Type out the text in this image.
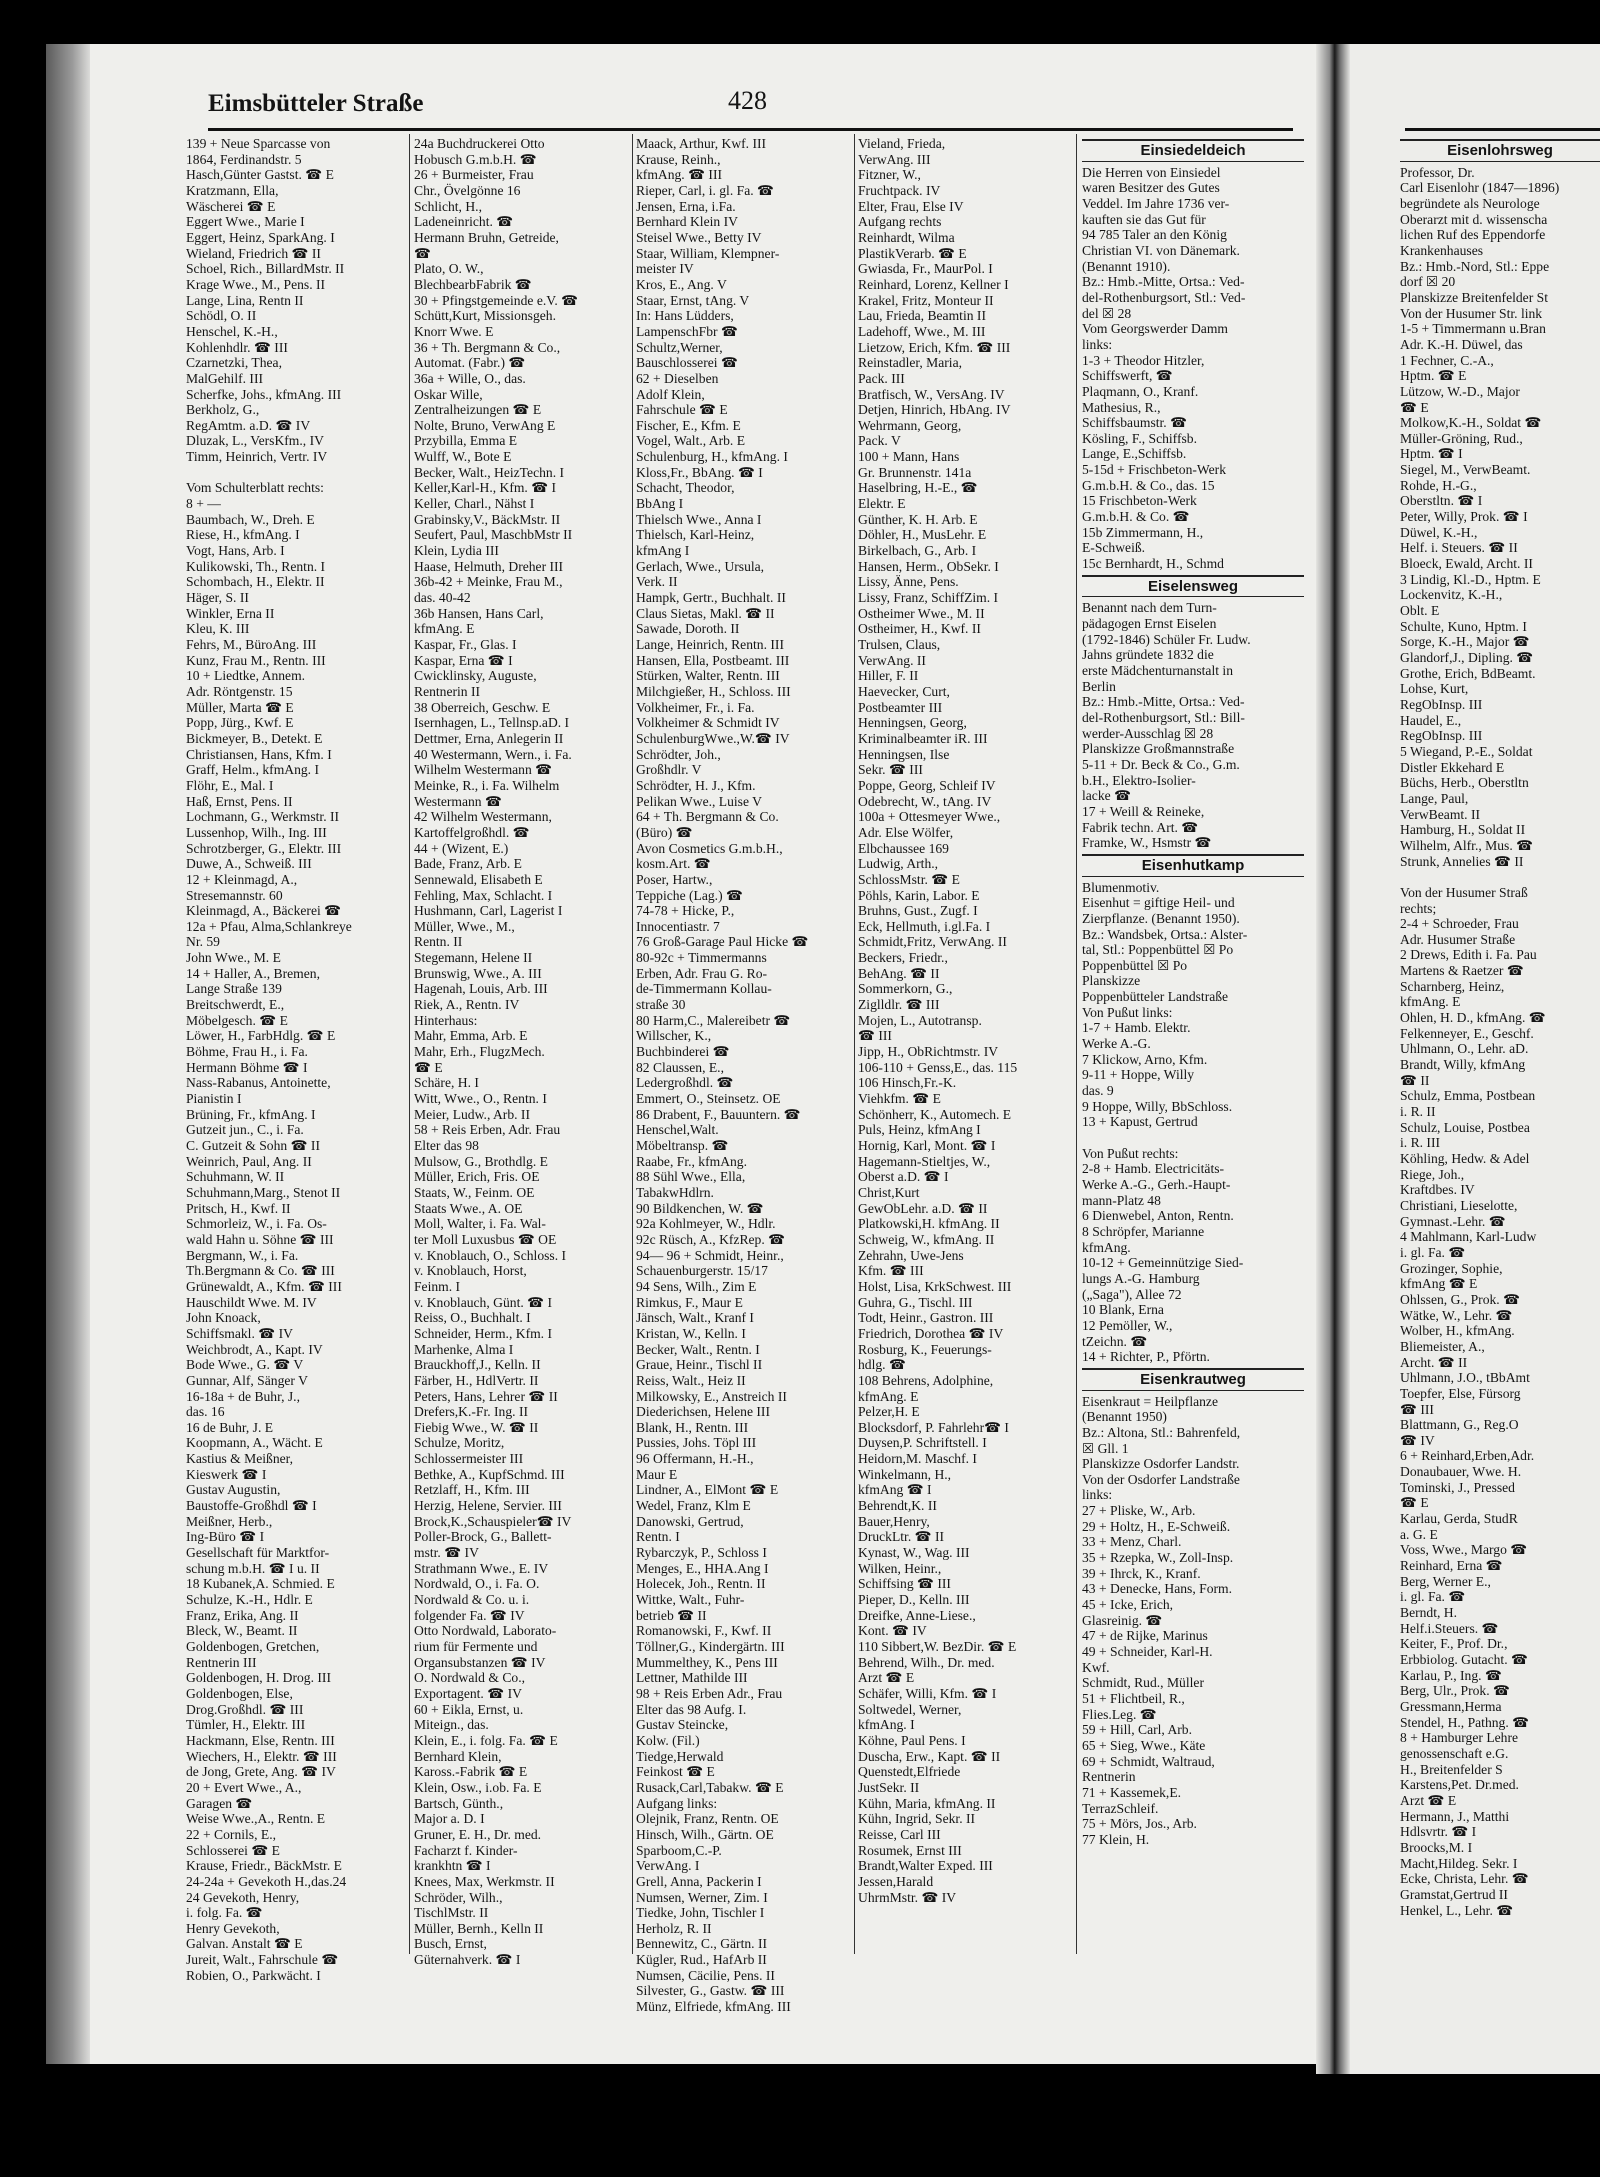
Eimsbütteler Straße	428
139 + Neue Sparcasse von
1864, Ferdinandstr. 5
Hasch,Günter Gastst. ☎ E
Kratzmann, Ella,
Wäscherei ☎ E
Eggert Wwe., Marie I
Eggert, Heinz, SparkAng. I
Wieland, Friedrich ☎ II
Schoel, Rich., BillardMstr. II
Krage Wwe., M., Pens. II
Lange, Lina, Rentn II
Schödl, O. II
Henschel, K.-H.,
Kohlenhdlr. ☎ III
Czarnetzki, Thea,
MalGehilf. III
Scherfke, Johs., kfmAng. III
Berkholz, G.,
RegAmtm. a.D. ☎ IV
Dluzak, L., VersKfm., IV
Timm, Heinrich, Vertr. IV

Vom Schulterblatt rechts:
8 + —
Baumbach, W., Dreh. E
Riese, H., kfmAng. I
Vogt, Hans, Arb. I
Kulikowski, Th., Rentn. I
Schombach, H., Elektr. II
Häger, S. II
Winkler, Erna II
Kleu, K. III
Fehrs, M., BüroAng. III
Kunz, Frau M., Rentn. III
10 + Liedtke, Annem.
Adr. Röntgenstr. 15
Müller, Marta ☎ E
Popp, Jürg., Kwf. E
Bickmeyer, B., Detekt. E
Christiansen, Hans, Kfm. I
Graff, Helm., kfmAng. I
Flöhr, E., Mal. I
Haß, Ernst, Pens. II
Lochmann, G., Werkmstr. II
Lussenhop, Wilh., Ing. III
Schrotzberger, G., Elektr. III
Duwe, A., Schweiß. III
12 + Kleinmagd, A.,
Stresemannstr. 60
Kleinmagd, A., Bäckerei ☎
12a + Pfau, Alma,Schlankreye
Nr. 59
John Wwe., M. E
14 + Haller, A., Bremen,
Lange Straße 139
Breitschwerdt, E.,
Möbelgesch. ☎ E
Löwer, H., FarbHdlg. ☎ E
Böhme, Frau H., i. Fa.
Hermann Böhme ☎ I
Nass-Rabanus, Antoinette,
Pianistin I
Brüning, Fr., kfmAng. I
Gutzeit jun., C., i. Fa.
C. Gutzeit & Sohn ☎ II
Weinrich, Paul, Ang. II
Schuhmann, W. II
Schuhmann,Marg., Stenot II
Pritsch, H., Kwf. II
Schmorleiz, W., i. Fa. Os-
wald Hahn u. Söhne ☎ III
Bergmann, W., i. Fa.
Th.Bergmann & Co. ☎ III
Grünewaldt, A., Kfm. ☎ III
Hauschildt Wwe. M. IV
John Knoack,
Schiffsmakl. ☎ IV
Weichbrodt, A., Kapt. IV
Bode Wwe., G. ☎ V
Gunnar, Alf, Sänger V
16-18a + de Buhr, J.,
das. 16
16 de Buhr, J. E
Koopmann, A., Wächt. E
Kastius & Meißner,
Kieswerk ☎ I
Gustav Augustin,
Baustoffe-Großhdl ☎ I
Meißner, Herb.,
Ing-Büro ☎ I
Gesellschaft für Marktfor-
schung m.b.H. ☎ I u. II
18 Kubanek,A. Schmied. E
Schulze, K.-H., Hdlr. E
Franz, Erika, Ang. II
Bleck, W., Beamt. II
Goldenbogen, Gretchen,
Rentnerin III
Goldenbogen, H. Drog. III
Goldenbogen, Else,
Drog.Großhdl. ☎ III
Tümler, H., Elektr. III
Hackmann, Else, Rentn. III
Wiechers, H., Elektr. ☎ III
de Jong, Grete, Ang. ☎ IV
20 + Evert Wwe., A.,
Garagen ☎
Weise Wwe.,A., Rentn. E
22 + Cornils, E.,
Schlosserei ☎ E
Krause, Friedr., BäckMstr. E
24-24a + Gevekoth H.,das.24
24 Gevekoth, Henry,
i. folg. Fa. ☎
Henry Gevekoth,
Galvan. Anstalt ☎ E
Jureit, Walt., Fahrschule ☎
Robien, O., Parkwächt. I
24a Buchdruckerei Otto
Hobusch G.m.b.H. ☎
26 + Burmeister, Frau
Chr., Övelgönne 16
Schlicht, H.,
Ladeneinricht. ☎
Hermann Bruhn, Getreide,
☎
Plato, O. W.,
BlechbearbFabrik ☎
30 + Pfingstgemeinde e.V. ☎
Schütt,Kurt, Missionsgeh.
Knorr Wwe. E
36 + Th. Bergmann & Co.,
Automat. (Fabr.) ☎
36a + Wille, O., das.
Oskar Wille,
Zentralheizungen ☎ E
Nolte, Bruno, VerwAng E
Przybilla, Emma E
Wulff, W., Bote E
Becker, Walt., HeizTechn. I
Keller,Karl-H., Kfm. ☎ I
Keller, Charl., Nähst I
Grabinsky,V., BäckMstr. II
Seufert, Paul, MaschbMstr II
Klein, Lydia III
Haase, Helmuth, Dreher III
36b-42 + Meinke, Frau M.,
das. 40-42
36b Hansen, Hans Carl,
kfmAng. E
Kaspar, Fr., Glas. I
Kaspar, Erna ☎ I
Cwicklinsky, Auguste,
Rentnerin II
38 Oberreich, Geschw. E
Isernhagen, L., Tellnsp.aD. I
Dettmer, Erna, Anlegerin II
40 Westermann, Wern., i. Fa.
Wilhelm Westermann ☎
Meinke, R., i. Fa. Wilhelm
Westermann ☎
42 Wilhelm Westermann,
Kartoffelgroßhdl. ☎
44 + (Wizent, E.)
Bade, Franz, Arb. E
Sennewald, Elisabeth E
Fehling, Max, Schlacht. I
Hushmann, Carl, Lagerist I
Müller, Wwe., M.,
Rentn. II
Stegemann, Helene II
Brunswig, Wwe., A. III
Hagenah, Louis, Arb. III
Riek, A., Rentn. IV
Hinterhaus:
Mahr, Emma, Arb. E
Mahr, Erh., FlugzMech.
☎ E
Schäre, H. I
Witt, Wwe., O., Rentn. I
Meier, Ludw., Arb. II
58 + Reis Erben, Adr. Frau
Elter das 98
Mulsow, G., Brothdlg. E
Müller, Erich, Fris. OE
Staats, W., Feinm. OE
Staats Wwe., A. OE
Moll, Walter, i. Fa. Wal-
ter Moll Luxusbus ☎ OE
v. Knoblauch, O., Schloss. I
v. Knoblauch, Horst,
Feinm. I
v. Knoblauch, Günt. ☎ I
Reiss, O., Buchhalt. I
Schneider, Herm., Kfm. I
Marhenke, Alma I
Brauckhoff,J., Kelln. II
Färber, H., HdlVertr. II
Peters, Hans, Lehrer ☎ II
Drefers,K.-Fr. Ing. II
Fiebig Wwe., W. ☎ II
Schulze, Moritz,
Schlossermeister III
Bethke, A., KupfSchmd. III
Retzlaff, H., Kfm. III
Herzig, Helene, Servier. III
Brock,K.,Schauspieler☎ IV
Poller-Brock, G., Ballett-
mstr. ☎ IV
Strathmann Wwe., E. IV
Nordwald, O., i. Fa. O.
Nordwald & Co. u. i.
folgender Fa. ☎ IV
Otto Nordwald, Laborato-
rium für Fermente und
Organsubstanzen ☎ IV
O. Nordwald & Co.,
Exportagent. ☎ IV
60 + Eikla, Ernst, u.
Miteign., das.
Klein, E., i. folg. Fa. ☎ E
Bernhard Klein,
Kaross.-Fabrik ☎ E
Klein, Osw., i.ob. Fa. E
Bartsch, Günth.,
Major a. D. I
Gruner, E. H., Dr. med.
Facharzt f. Kinder-
krankhtn ☎ I
Knees, Max, Werkmstr. II
Schröder, Wilh.,
TischlMstr. II
Müller, Bernh., Kelln II
Busch, Ernst,
Güternahverk. ☎ I
Maack, Arthur, Kwf. III
Krause, Reinh.,
kfmAng. ☎ III
Rieper, Carl, i. gl. Fa. ☎
Jensen, Erna, i.Fa.
Bernhard Klein IV
Steisel Wwe., Betty IV
Staar, William, Klempner-
meister IV
Kros, E., Ang. V
Staar, Ernst, tAng. V
In: Hans Lüdders,
LampenschFbr ☎
Schultz,Werner,
Bauschlosserei ☎
62 + Dieselben
Adolf Klein,
Fahrschule ☎ E
Fischer, E., Kfm. E
Vogel, Walt., Arb. E
Schulenburg, H., kfmAng. I
Kloss,Fr., BbAng. ☎ I
Schacht, Theodor,
BbAng I
Thielsch Wwe., Anna I
Thielsch, Karl-Heinz,
kfmAng I
Gerlach, Wwe., Ursula,
Verk. II
Hampk, Gertr., Buchhalt. II
Claus Sietas, Makl. ☎ II
Sawade, Doroth. II
Lange, Heinrich, Rentn. III
Hansen, Ella, Postbeamt. III
Stürken, Walter, Rentn. III
Milchgießer, H., Schloss. III
Volkheimer, Fr., i. Fa.
Volkheimer & Schmidt IV
SchulenburgWwe.,W.☎ IV
Schrödter, Joh.,
Großhdlr. V
Schrödter, H. J., Kfm.
Pelikan Wwe., Luise V
64 + Th. Bergmann & Co.
(Büro) ☎
Avon Cosmetics G.m.b.H.,
kosm.Art. ☎
Poser, Hartw.,
Teppiche (Lag.) ☎
74-78 + Hicke, P.,
Innocentiastr. 7
76 Groß-Garage Paul Hicke ☎
80-92c + Timmermanns
Erben, Adr. Frau G. Ro-
de-Timmermann Kollau-
straße 30
80 Harm,C., Malereibetr ☎
Willscher, K.,
Buchbinderei ☎
82 Claussen, E.,
Ledergroßhdl. ☎
Emmert, O., Steinsetz. OE
86 Drabent, F., Bauuntern. ☎
Henschel,Walt.
Möbeltransp. ☎
Raabe, Fr., kfmAng.
88 Sühl Wwe., Ella,
TabakwHdlrn.
90 Bildkenchen, W. ☎
92a Kohlmeyer, W., Hdlr.
92c Rüsch, A., KfzRep. ☎
94— 96 + Schmidt, Heinr.,
Schauenburgerstr. 15/17
94 Sens, Wilh., Zim E
Rimkus, F., Maur E
Jänsch, Walt., Kranf I
Kristan, W., Kelln. I
Becker, Walt., Rentn. I
Graue, Heinr., Tischl II
Reiss, Walt., Heiz II
Milkowsky, E., Anstreich II
Diederichsen, Helene III
Blank, H., Rentn. III
Pussies, Johs. Töpl III
96 Offermann, H.-H.,
Maur E
Lindner, A., ElMont ☎ E
Wedel, Franz, Klm E
Danowski, Gertrud,
Rentn. I
Rybarczyk, P., Schloss I
Menges, E., HHA.Ang I
Holecek, Joh., Rentn. II
Wittke, Walt., Fuhr-
betrieb ☎ II
Romanowski, F., Kwf. II
Töllner,G., Kindergärtn. III
Mummelthey, K., Pens III
Lettner, Mathilde III
98 + Reis Erben Adr., Frau
Elter das 98 Aufg. I.
Gustav Steincke,
Kolw. (Fil.)
Tiedge,Herwald
Feinkost ☎ E
Rusack,Carl,Tabakw. ☎ E
Aufgang links:
Olejnik, Franz, Rentn. OE
Hinsch, Wilh., Gärtn. OE
Sparboom,C.-P.
VerwAng. I
Grell, Anna, Packerin I
Numsen, Werner, Zim. I
Tiedke, John, Tischler I
Herholz, R. II
Bennewitz, C., Gärtn. II
Kügler, Rud., HafArb II
Numsen, Cäcilie, Pens. II
Silvester, G., Gastw. ☎ III
Münz, Elfriede, kfmAng. III
Vieland, Frieda,
VerwAng. III
Fitzner, W.,
Fruchtpack. IV
Elter, Frau, Else IV
Aufgang rechts
Reinhardt, Wilma
PlastikVerarb. ☎ E
Gwiasda, Fr., MaurPol. I
Reinhard, Lorenz, Kellner I
Krakel, Fritz, Monteur II
Lau, Frieda, Beamtin II
Ladehoff, Wwe., M. III
Lietzow, Erich, Kfm. ☎ III
Reinstadler, Maria,
Pack. III
Bratfisch, W., VersAng. IV
Detjen, Hinrich, HbAng. IV
Wehrmann, Georg,
Pack. V
100 + Mann, Hans
Gr. Brunnenstr. 141a
Haselbring, H.-E., ☎
Elektr. E
Günther, K. H. Arb. E
Döhler, H., MusLehr. E
Birkelbach, G., Arb. I
Hansen, Herm., ObSekr. I
Lissy, Änne, Pens.
Lissy, Franz, SchiffZim. I
Ostheimer Wwe., M. II
Ostheimer, H., Kwf. II
Trulsen, Claus,
VerwAng. II
Hiller, F. II
Haevecker, Curt,
Postbeamter III
Henningsen, Georg,
Kriminalbeamter iR. III
Henningsen, Ilse
Sekr. ☎ III
Poppe, Georg, Schleif IV
Odebrecht, W., tAng. IV
100a + Ottesmeyer Wwe.,
Adr. Else Wölfer,
Elbchaussee 169
Ludwig, Arth.,
SchlossMstr. ☎ E
Pöhls, Karin, Labor. E
Bruhns, Gust., Zugf. I
Eck, Hellmuth, i.gl.Fa. I
Schmidt,Fritz, VerwAng. II
Beckers, Friedr.,
BehAng. ☎ II
Sommerkorn, G.,
Ziglldlr. ☎ III
Mojen, L., Autotransp.
☎ III
Jipp, H., ObRichtmstr. IV
106-110 + Genss,E., das. 115
106 Hinsch,Fr.-K.
Viehkfm. ☎ E
Schönherr, K., Automech. E
Puls, Heinz, kfmAng I
Hornig, Karl, Mont. ☎ I
Hagemann-Stieltjes, W.,
Oberst a.D. ☎ I
Christ,Kurt
GewObLehr. a.D. ☎ II
Platkowski,H. kfmAng. II
Schweig, W., kfmAng. II
Zehrahn, Uwe-Jens
Kfm. ☎ III
Holst, Lisa, KrkSchwest. III
Guhra, G., Tischl. III
Todt, Heinr., Gastron. III
Friedrich, Dorothea ☎ IV
Rosburg, K., Feuerungs-
hdlg. ☎
108 Behrens, Adolphine,
kfmAng. E
Pelzer,H. E
Blocksdorf, P. Fahrlehr☎ I
Duysen,P. Schriftstell. I
Heidorn,M. Maschf. I
Winkelmann, H.,
kfmAng ☎ I
Behrendt,K. II
Bauer,Henry,
DruckLtr. ☎ II
Kynast, W., Wag. III
Wilken, Heinr.,
Schiffsing ☎ III
Pieper, D., Kelln. III
Dreifke, Anne-Liese.,
Kont. ☎ IV
110 Sibbert,W. BezDir. ☎ E
Behrend, Wilh., Dr. med.
Arzt ☎ E
Schäfer, Willi, Kfm. ☎ I
Soltwedel, Werner,
kfmAng. I
Köhne, Paul Pens. I
Duscha, Erw., Kapt. ☎ II
Quenstedt,Elfriede
JustSekr. II
Kühn, Maria, kfmAng. II
Kühn, Ingrid, Sekr. II
Reisse, Carl III
Rosumek, Ernst III
Brandt,Walter Exped. III
Jessen,Harald
UhrmMstr. ☎ IV
Einsiedeldeich
Die Herren von Einsiedel
waren Besitzer des Gutes
Veddel. Im Jahre 1736 ver-
kauften sie das Gut für
94 785 Taler an den König
Christian VI. von Dänemark.
(Benannt 1910).
Bz.: Hmb.-Mitte, Ortsa.: Ved-
del-Rothenburgsort, Stl.: Ved-
del ☒ 28
Vom Georgswerder Damm
links:
1-3 + Theodor Hitzler,
Schiffswerft, ☎
Plaqmann, O., Kranf.
Mathesius, R.,
Schiffsbaumstr. ☎
Kösling, F., Schiffsb.
Lange, E.,Schiffsb.
5-15d + Frischbeton-Werk
G.m.b.H. & Co., das. 15
15 Frischbeton-Werk
G.m.b.H. & Co. ☎
15b Zimmermann, H.,
E-Schweiß.
15c Bernhardt, H., Schmd
Eiselensweg
Benannt nach dem Turn-
pädagogen Ernst Eiselen
(1792-1846) Schüler Fr. Ludw.
Jahns gründete 1832 die
erste Mädchenturnanstalt in
Berlin
Bz.: Hmb.-Mitte, Ortsa.: Ved-
del-Rothenburgsort, Stl.: Bill-
werder-Ausschlag ☒ 28
Planskizze Großmannstraße
5-11 + Dr. Beck & Co., G.m.
b.H., Elektro-Isolier-
lacke ☎
17 + Weill & Reineke,
Fabrik techn. Art. ☎
Framke, W., Hsmstr ☎
Eisenhutkamp
Blumenmotiv.
Eisenhut = giftige Heil- und
Zierpflanze. (Benannt 1950).
Bz.: Wandsbek, Ortsa.: Alster-
tal, Stl.: Poppenbüttel ☒ Po
Poppenbüttel ☒ Po
Planskizze
Poppenbütteler Landstraße
Von Pußut links:
1-7 + Hamb. Elektr.
Werke A.-G.
7 Klickow, Arno, Kfm.
9-11 + Hoppe, Willy
das. 9
9 Hoppe, Willy, BbSchloss.
13 + Kapust, Gertrud

Von Pußut rechts:
2-8 + Hamb. Electricitäts-
Werke A.-G., Gerh.-Haupt-
mann-Platz 48
6 Dienwebel, Anton, Rentn.
8 Schröpfer, Marianne
kfmAng.
10-12 + Gemeinnützige Sied-
lungs A.-G. Hamburg
(„Saga"), Allee 72
10 Blank, Erna
12 Pemöller, W.,
tZeichn. ☎
14 + Richter, P., Pförtn.
Eisenkrautweg
Eisenkraut = Heilpflanze
(Benannt 1950)
Bz.: Altona, Stl.: Bahrenfeld,
☒ Gll. 1
Planskizze Osdorfer Landstr.
Von der Osdorfer Landstraße
links:
27 + Pliske, W., Arb.
29 + Holtz, H., E-Schweiß.
33 + Menz, Charl.
35 + Rzepka, W., Zoll-Insp.
39 + Ihrck, K., Kranf.
43 + Denecke, Hans, Form.
45 + Icke, Erich,
Glasreinig. ☎
47 + de Rijke, Marinus
49 + Schneider, Karl-H.
Kwf.
Schmidt, Rud., Müller
51 + Flichtbeil, R.,
Flies.Leg. ☎
59 + Hill, Carl, Arb.
65 + Sieg, Wwe., Käte
69 + Schmidt, Waltraud,
Rentnerin
71 + Kassemek,E.
TerrazSchleif.
75 + Mörs, Jos., Arb.
77 Klein, H.
Eisenlohrsweg
Professor, Dr.
Carl Eisenlohr (1847—1896)
begründete als Neurologe
Oberarzt mit d. wissenscha
lichen Ruf des Eppendorfe
Krankenhauses
Bz.: Hmb.-Nord, Stl.: Eppe
dorf ☒ 20
Planskizze Breitenfelder St
Von der Husumer Str. link
1-5 + Timmermann u.Bran
Adr. K.-H. Düwel, das
1 Fechner, C.-A.,
Hptm. ☎ E
Lützow, W.-D., Major
☎ E
Molkow,K.-H., Soldat ☎
Müller-Gröning, Rud.,
Hptm. ☎ I
Siegel, M., VerwBeamt.
Rohde, H.-G.,
Oberstltn. ☎ I
Peter, Willy, Prok. ☎ I
Düwel, K.-H.,
Helf. i. Steuers. ☎ II
Bloeck, Ewald, Archt. II
3 Lindig, Kl.-D., Hptm. E
Lockenvitz, K.-H.,
Oblt. E
Schulte, Kuno, Hptm. I
Sorge, K.-H., Major ☎
Glandorf,J., Dipling. ☎
Grothe, Erich, BdBeamt.
Lohse, Kurt,
RegObInsp. III
Haudel, E.,
RegObInsp. III
5 Wiegand, P.-E., Soldat
Distler Ekkehard E
Büchs, Herb., Oberstltn
Lange, Paul,
VerwBeamt. II
Hamburg, H., Soldat II
Wilhelm, Alfr., Mus. ☎
Strunk, Annelies ☎ II

Von der Husumer Straß
rechts;
2-4 + Schroeder, Frau
Adr. Husumer Straße
2 Drews, Edith i. Fa. Pau
Martens & Raetzer ☎
Scharnberg, Heinz,
kfmAng. E
Ohlen, H. D., kfmAng. ☎
Felkenneyer, E., Geschf.
Uhlmann, O., Lehr. aD.
Brandt, Willy, kfmAng
☎ II
Schulz, Emma, Postbean
i. R. II
Schulz, Louise, Postbea
i. R. III
Köhling, Hedw. & Adel
Riege, Joh.,
Kraftdbes. IV
Christiani, Lieselotte,
Gymnast.-Lehr. ☎
4 Mahlmann, Karl-Ludw
i. gl. Fa. ☎
Grozinger, Sophie,
kfmAng ☎ E
Ohlssen, G., Prok. ☎
Wätke, W., Lehr. ☎
Wolber, H., kfmAng.
Bliemeister, A.,
Archt. ☎ II
Uhlmann, J.O., tBbAmt
Toepfer, Else, Fürsorg
☎ III
Blattmann, G., Reg.O
☎ IV
6 + Reinhard,Erben,Adr.
Donaubauer, Wwe. H.
Tominski, J., Pressed
☎ E
Karlau, Gerda, StudR
a. G. E
Voss, Wwe., Margo ☎
Reinhard, Erna ☎
Berg, Werner E.,
i. gl. Fa. ☎
Berndt, H.
Helf.i.Steuers. ☎
Keiter, F., Prof. Dr.,
Erbbiolog. Gutacht. ☎
Karlau, P., Ing. ☎
Berg, Ulr., Prok. ☎
Gressmann,Herma
Stendel, H., Pathng. ☎
8 + Hamburger Lehre
genossenschaft e.G.
H., Breitenfelder S
Karstens,Pet. Dr.med.
Arzt ☎ E
Hermann, J., Matthi
Hdlsvrtr. ☎ I
Broocks,M. I
Macht,Hildeg. Sekr. I
Ecke, Christa, Lehr. ☎
Gramstat,Gertrud II
Henkel, L., Lehr. ☎
